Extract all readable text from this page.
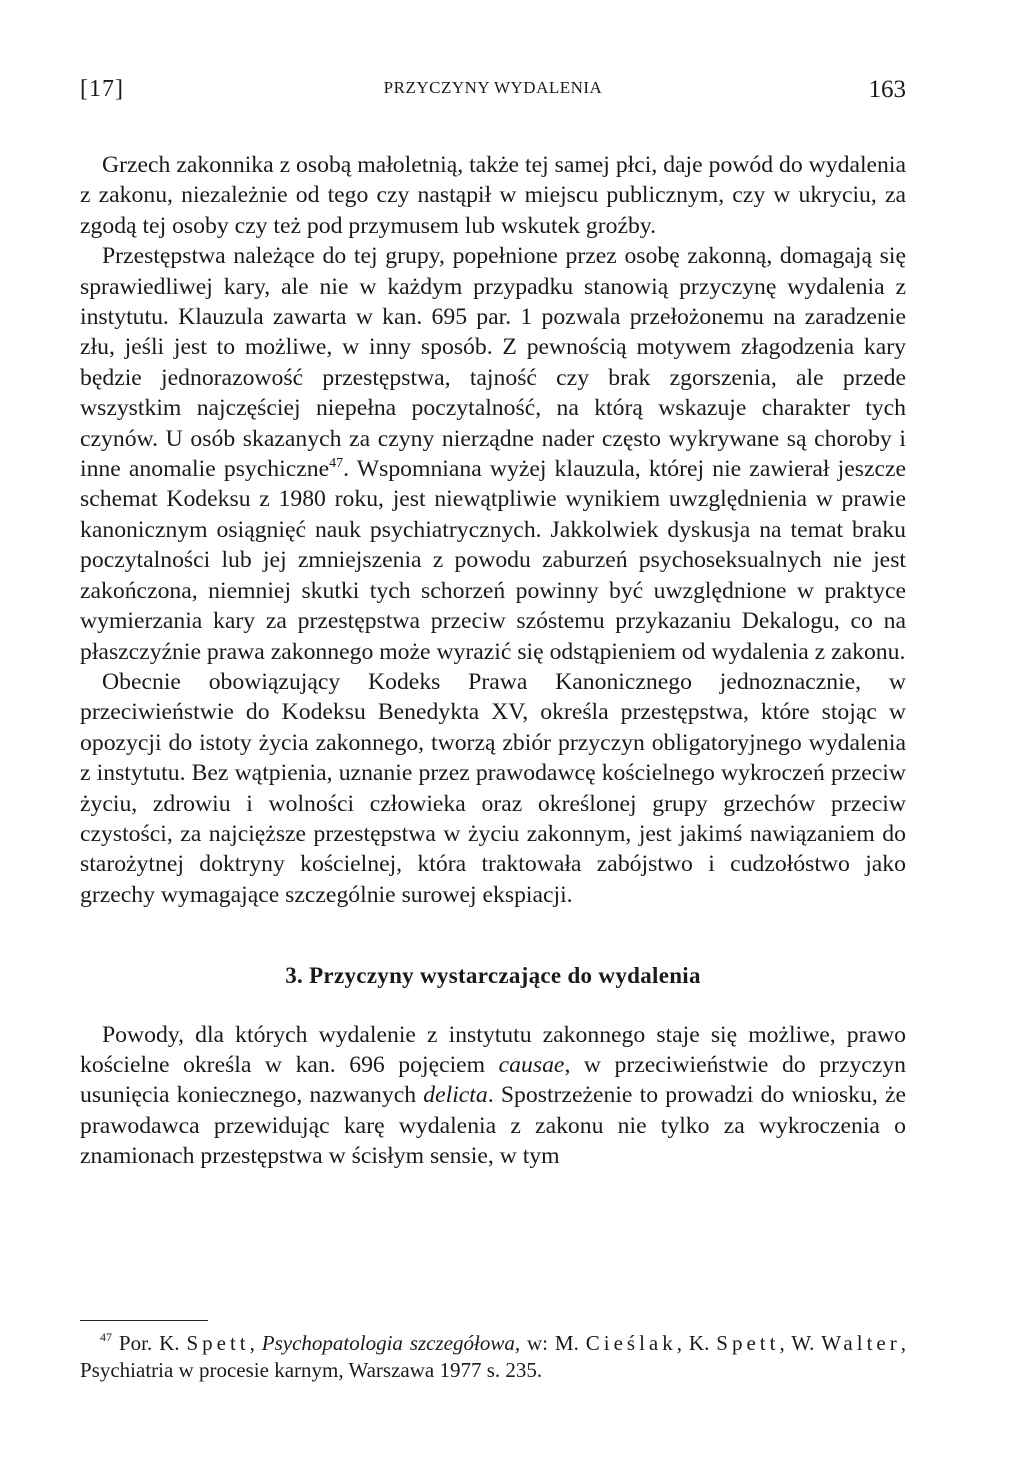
[17]	PRZYCZYNY WYDALENIA	163

Grzech zakonnika z osobą małoletnią, także tej samej płci, daje powód do wydalenia z zakonu, niezależnie od tego czy nastąpił w miejscu publicznym, czy w ukryciu, za zgodą tej osoby czy też pod przymusem lub wskutek groźby.

Przestępstwa należące do tej grupy, popełnione przez osobę zakonną, domagają się sprawiedliwej kary, ale nie w każdym przypadku stanowią przyczynę wydalenia z instytutu. Klauzula zawarta w kan. 695 par. 1 pozwala przełożonemu na zaradzenie złu, jeśli jest to możliwe, w inny sposób. Z pewnością motywem złagodzenia kary będzie jednorazowość przestępstwa, tajność czy brak zgorszenia, ale przede wszystkim najczęściej niepełna poczytalność, na którą wskazuje charakter tych czynów. U osób skazanych za czyny nierządne nader często wykrywane są choroby i inne anomalie psychiczne$^{47}$. Wspomniana wyżej klauzula, której nie zawierał jeszcze schemat Kodeksu z 1980 roku, jest niewątpliwie wynikiem uwzględnienia w prawie kanonicznym osiągnięć nauk psychiatrycznych. Jakkolwiek dyskusja na temat braku poczytalności lub jej zmniejszenia z powodu zaburzeń psychoseksualnych nie jest zakończona, niemniej skutki tych schorzeń powinny być uwzględnione w praktyce wymierzania kary za przestępstwa przeciw szóstemu przykazaniu Dekalogu, co na płaszczyźnie prawa zakonnego może wyrazić się odstąpieniem od wydalenia z zakonu.

Obecnie obowiązujący Kodeks Prawa Kanonicznego jednoznacznie, w przeciwieństwie do Kodeksu Benedykta XV, określa przestępstwa, które stojąc w opozycji do istoty życia zakonnego, tworzą zbiór przyczyn obligatoryjnego wydalenia z instytutu. Bez wątpienia, uznanie przez prawodawcę kościelnego wykroczeń przeciw życiu, zdrowiu i wolności człowieka oraz określonej grupy grzechów przeciw czystości, za najcięższe przestępstwa w życiu zakonnym, jest jakimś nawiązaniem do starożytnej doktryny kościelnej, która traktowała zabójstwo i cudzołóstwo jako grzechy wymagające szczególnie surowej ekspiacji.

3. Przyczyny wystarczające do wydalenia

Powody, dla których wydalenie z instytutu zakonnego staje się możliwe, prawo kościelne określa w kan. 696 pojęciem causae, w przeciwieństwie do przyczyn usunięcia koniecznego, nazwanych delicta. Spostrzeżenie to prowadzi do wniosku, że prawodawca przewidując karę wydalenia z zakonu nie tylko za wykroczenia o znamionach przestępstwa w ścisłym sensie, w tym

$^{47}$ Por. K. Spett, Psychopatologia szczegółowa, w: M. Cieślak, K. Spett, W. Walter, Psychiatria w procesie karnym, Warszawa 1977 s. 235.
